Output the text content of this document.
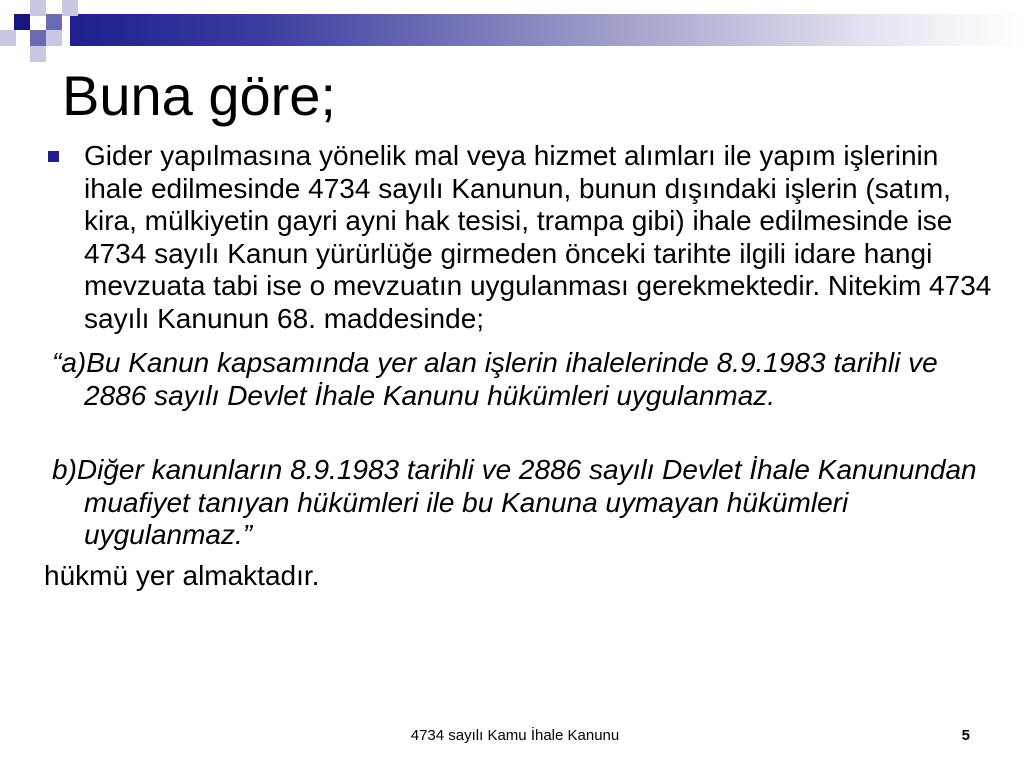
Buna göre;

Gider yapılmasına yönelik mal veya hizmet alımları ile yapım işlerinin ihale edilmesinde 4734 sayılı Kanunun, bunun dışındaki işlerin (satım, kira, mülkiyetin gayri ayni hak tesisi, trampa gibi) ihale edilmesinde ise 4734 sayılı Kanun yürürlüğe girmeden önceki tarihte ilgili idare hangi mevzuata tabi ise o mevzuatın uygulanması gerekmektedir. Nitekim 4734 sayılı Kanunun 68. maddesinde;

“a)Bu Kanun kapsamında yer alan işlerin ihalelerinde 8.9.1983 tarihli ve 2886 sayılı Devlet İhale Kanunu hükümleri uygulanmaz.

b)Diğer kanunların 8.9.1983 tarihli ve 2886 sayılı Devlet İhale Kanunundan muafiyet tanıyan hükümleri ile bu Kanuna uymayan hükümleri uygulanmaz.”

hükmü yer almaktadır.

4734 sayılı Kamu İhale Kanunu	5
